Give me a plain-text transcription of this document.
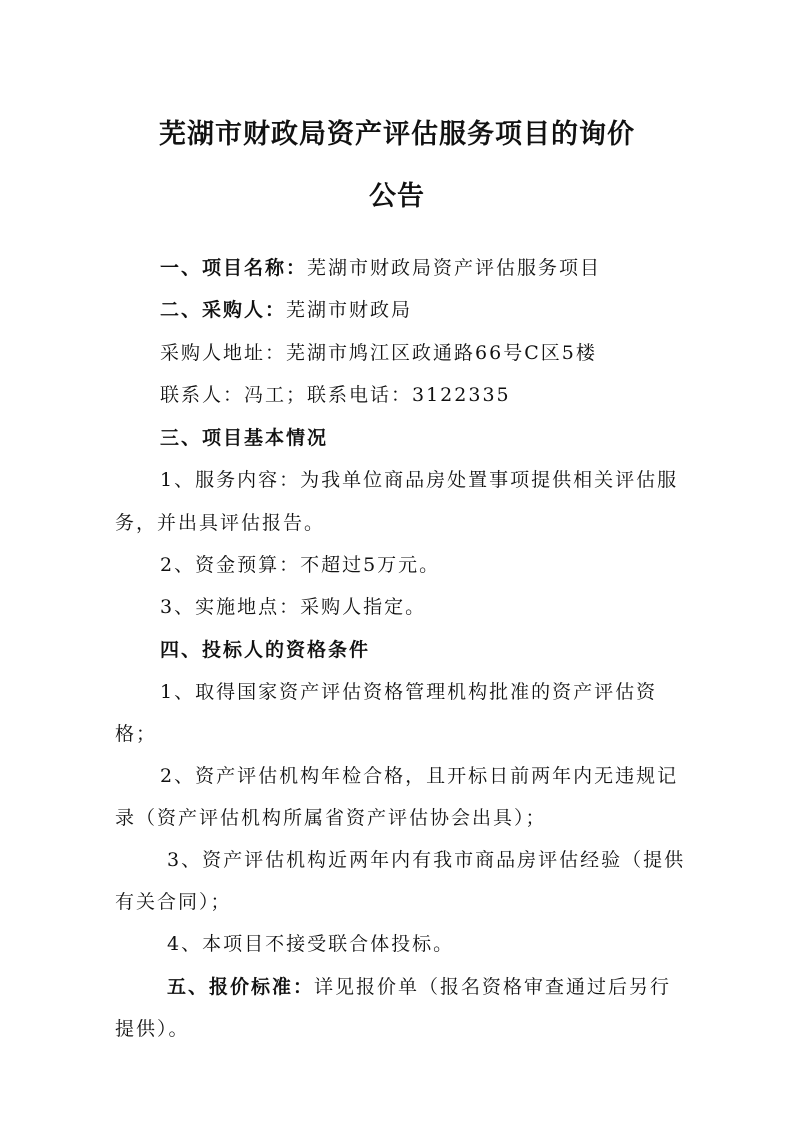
芜湖市财政局资产评估服务项目的询价
公告
一、项目名称：芜湖市财政局资产评估服务项目
二、采购人：芜湖市财政局
采购人地址：芜湖市鸠江区政通路66号C区5楼
联系人：冯工；联系电话：3122335
三、项目基本情况
1、服务内容：为我单位商品房处置事项提供相关评估服
务，并出具评估报告。
2、资金预算：不超过5万元。
3、实施地点：采购人指定。
四、投标人的资格条件
1、取得国家资产评估资格管理机构批准的资产评估资
格；
2、资产评估机构年检合格，且开标日前两年内无违规记
录（资产评估机构所属省资产评估协会出具）；
3、资产评估机构近两年内有我市商品房评估经验（提供
有关合同）；
4、本项目不接受联合体投标。
五、报价标准：详见报价单（报名资格审查通过后另行
提供）。
